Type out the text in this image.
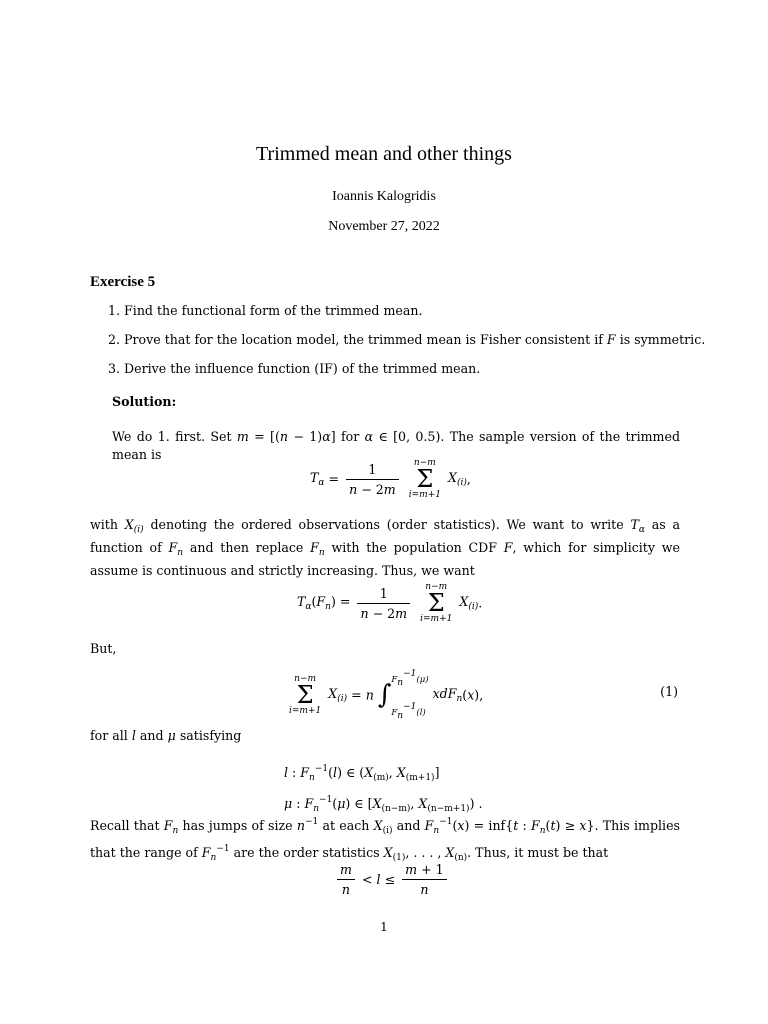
Trimmed mean and other things
Ioannis Kalogridis
November 27, 2022
Exercise 5
1. Find the functional form of the trimmed mean.
2. Prove that for the location model, the trimmed mean is Fisher consistent if F is symmetric.
3. Derive the influence function (IF) of the trimmed mean.
Solution:
We do 1. first. Set m = [(n − 1)α] for α ∈ [0, 0.5). The sample version of the trimmed mean is
$T_\alpha = \frac{1}{n - 2m}$
	n−m
Σ
i=m+1
$X_{(i)}$,
with $X_{(i)}$ denoting the ordered observations (order statistics). We want to write $T_\alpha$ as a function of $F_n$ and then replace $F_n$ with the population CDF F, which for simplicity we assume is continuous and strictly increasing. Thus, we want
$T_\alpha(F_n) = \frac{1}{n - 2m}$
	n−m
Σ
i=m+1
$X_{(i)}$.
But,
n−m
Σ
i=m+1
$X_{(i)} = n$ ∫Fn−1(μ)

Fn−1(l) xdF$_n$(x),	(1)
for all l and μ satisfying
l : $F_n^{-1}(l)$ ∈ ($X_{(m)}$, $X_{(m+1)}$]
μ : $F_n^{-1}(\mu)$ ∈ [$X_{(n-m)}$, $X_{(n-m+1)}$) .
Recall that $F_n$ has jumps of size $n^{-1}$ at each $X_{(i)}$ and $F_n^{-1}(x) = inf\{t$ : $F_n(t) \ge x$}. This implies that the range of $F_n^{-1}$ are the order statistics $X_{(1)}$, . . . , $X_{(n)}$. Thus, it must be that
$\frac{m}{n} < l \le \frac{m + 1}{n}$
1
